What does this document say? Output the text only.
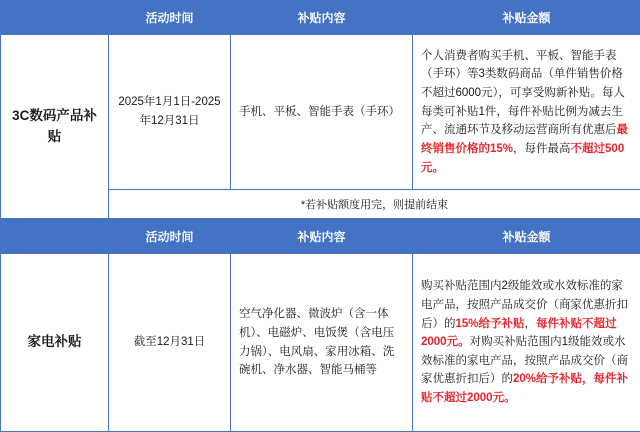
	活动时间	补贴内容	补贴金额
3C数码产品补贴	2025年1月1日-2025年12月31日	手机、平板、智能手表（手环）	个人消费者购买手机、平板、智能手表（手环）等3类数码商品（单件销售价格不超过6000元），可享受购新补贴。每人每类可补贴1件，每件补贴比例为减去生产、流通环节及移动运营商所有优惠后最终销售价格的15%，每件最高不超过500元。
	*若补贴额度用完，则提前结束		
	活动时间	补贴内容	补贴金额
家电补贴	截至12月31日	空气净化器、微波炉（含一体机）、电磁炉、电饭煲（含电压力锅）、电风扇、家用冰箱、洗碗机、净水器、智能马桶等	购买补贴范围内2级能效或水效标准的家电产品，按照产品成交价（商家优惠折扣后）的15%给予补贴，每件补贴不超过2000元。对购买补贴范围内1级能效或水效标准的家电产品，按照产品成交价（商家优惠折扣后）的20%给予补贴，每件补贴不超过2000元。
